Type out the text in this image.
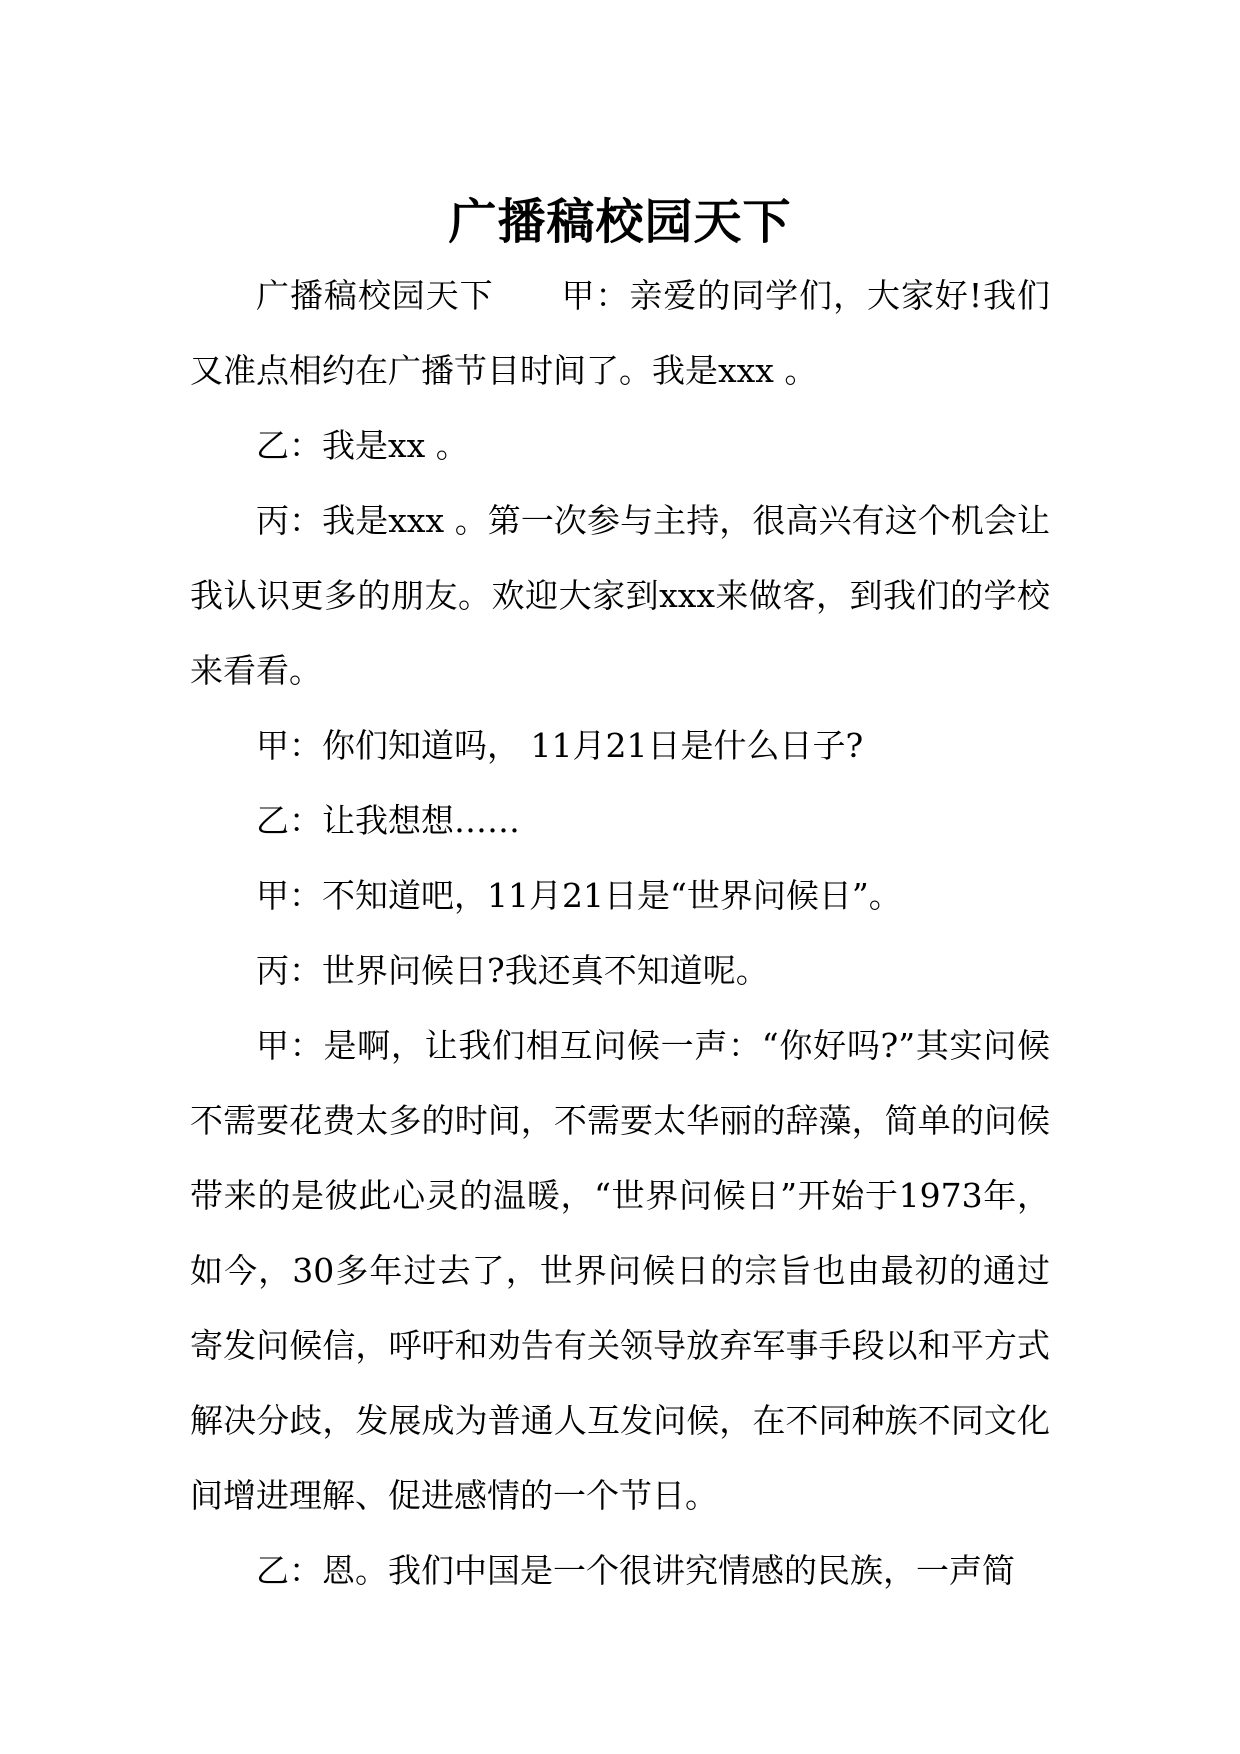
广播稿校园天下

广播稿校园天下　　甲：亲爱的同学们，大家好!我们又准点相约在广播节目时间了。我是xxx 。

乙：我是xx 。

丙：我是xxx 。第一次参与主持，很高兴有这个机会让我认识更多的朋友。欢迎大家到xxx来做客，到我们的学校来看看。

甲：你们知道吗， 11月21日是什么日子?

乙：让我想想……

甲：不知道吧，11月21日是“世界问候日”。

丙：世界问候日?我还真不知道呢。

甲：是啊，让我们相互问候一声：“你好吗?”其实问候不需要花费太多的时间，不需要太华丽的辞藻，简单的问候带来的是彼此心灵的温暖，“世界问候日”开始于1973年，如今，30多年过去了，世界问候日的宗旨也由最初的通过寄发问候信，呼吁和劝告有关领导放弃军事手段以和平方式解决分歧，发展成为普通人互发问候，在不同种族不同文化间增进理解、促进感情的一个节日。

乙：恩。我们中国是一个很讲究情感的民族，一声简
